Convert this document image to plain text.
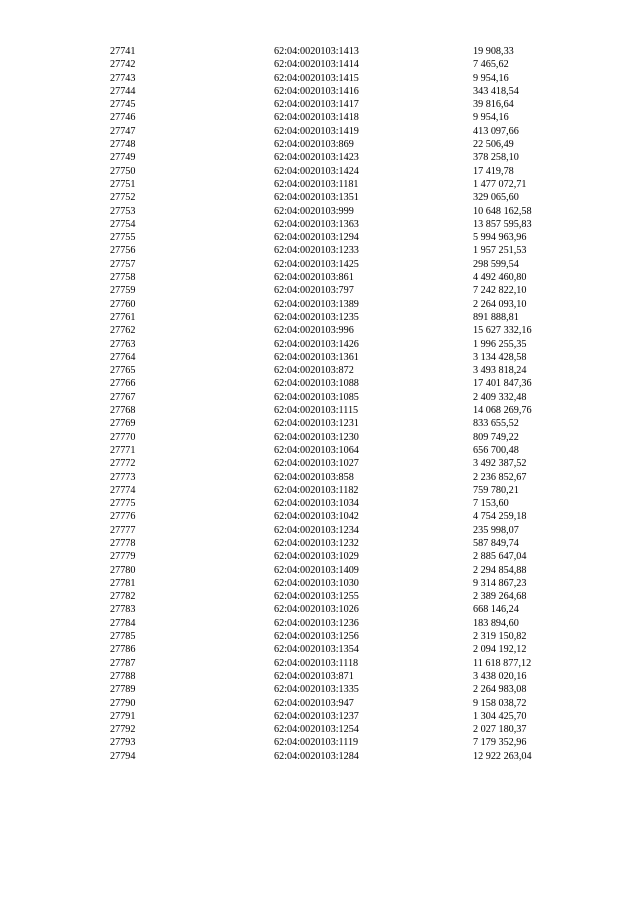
27741	62:04:0020103:1413	19 908,33
27742	62:04:0020103:1414	7 465,62
27743	62:04:0020103:1415	9 954,16
27744	62:04:0020103:1416	343 418,54
27745	62:04:0020103:1417	39 816,64
27746	62:04:0020103:1418	9 954,16
27747	62:04:0020103:1419	413 097,66
27748	62:04:0020103:869	22 506,49
27749	62:04:0020103:1423	378 258,10
27750	62:04:0020103:1424	17 419,78
27751	62:04:0020103:1181	1 477 072,71
27752	62:04:0020103:1351	329 065,60
27753	62:04:0020103:999	10 648 162,58
27754	62:04:0020103:1363	13 857 595,83
27755	62:04:0020103:1294	5 994 963,96
27756	62:04:0020103:1233	1 957 251,53
27757	62:04:0020103:1425	298 599,54
27758	62:04:0020103:861	4 492 460,80
27759	62:04:0020103:797	7 242 822,10
27760	62:04:0020103:1389	2 264 093,10
27761	62:04:0020103:1235	891 888,81
27762	62:04:0020103:996	15 627 332,16
27763	62:04:0020103:1426	1 996 255,35
27764	62:04:0020103:1361	3 134 428,58
27765	62:04:0020103:872	3 493 818,24
27766	62:04:0020103:1088	17 401 847,36
27767	62:04:0020103:1085	2 409 332,48
27768	62:04:0020103:1115	14 068 269,76
27769	62:04:0020103:1231	833 655,52
27770	62:04:0020103:1230	809 749,22
27771	62:04:0020103:1064	656 700,48
27772	62:04:0020103:1027	3 492 387,52
27773	62:04:0020103:858	2 236 852,67
27774	62:04:0020103:1182	759 780,21
27775	62:04:0020103:1034	7 153,60
27776	62:04:0020103:1042	4 754 259,18
27777	62:04:0020103:1234	235 998,07
27778	62:04:0020103:1232	587 849,74
27779	62:04:0020103:1029	2 885 647,04
27780	62:04:0020103:1409	2 294 854,88
27781	62:04:0020103:1030	9 314 867,23
27782	62:04:0020103:1255	2 389 264,68
27783	62:04:0020103:1026	668 146,24
27784	62:04:0020103:1236	183 894,60
27785	62:04:0020103:1256	2 319 150,82
27786	62:04:0020103:1354	2 094 192,12
27787	62:04:0020103:1118	11 618 877,12
27788	62:04:0020103:871	3 438 020,16
27789	62:04:0020103:1335	2 264 983,08
27790	62:04:0020103:947	9 158 038,72
27791	62:04:0020103:1237	1 304 425,70
27792	62:04:0020103:1254	2 027 180,37
27793	62:04:0020103:1119	7 179 352,96
27794	62:04:0020103:1284	12 922 263,04
